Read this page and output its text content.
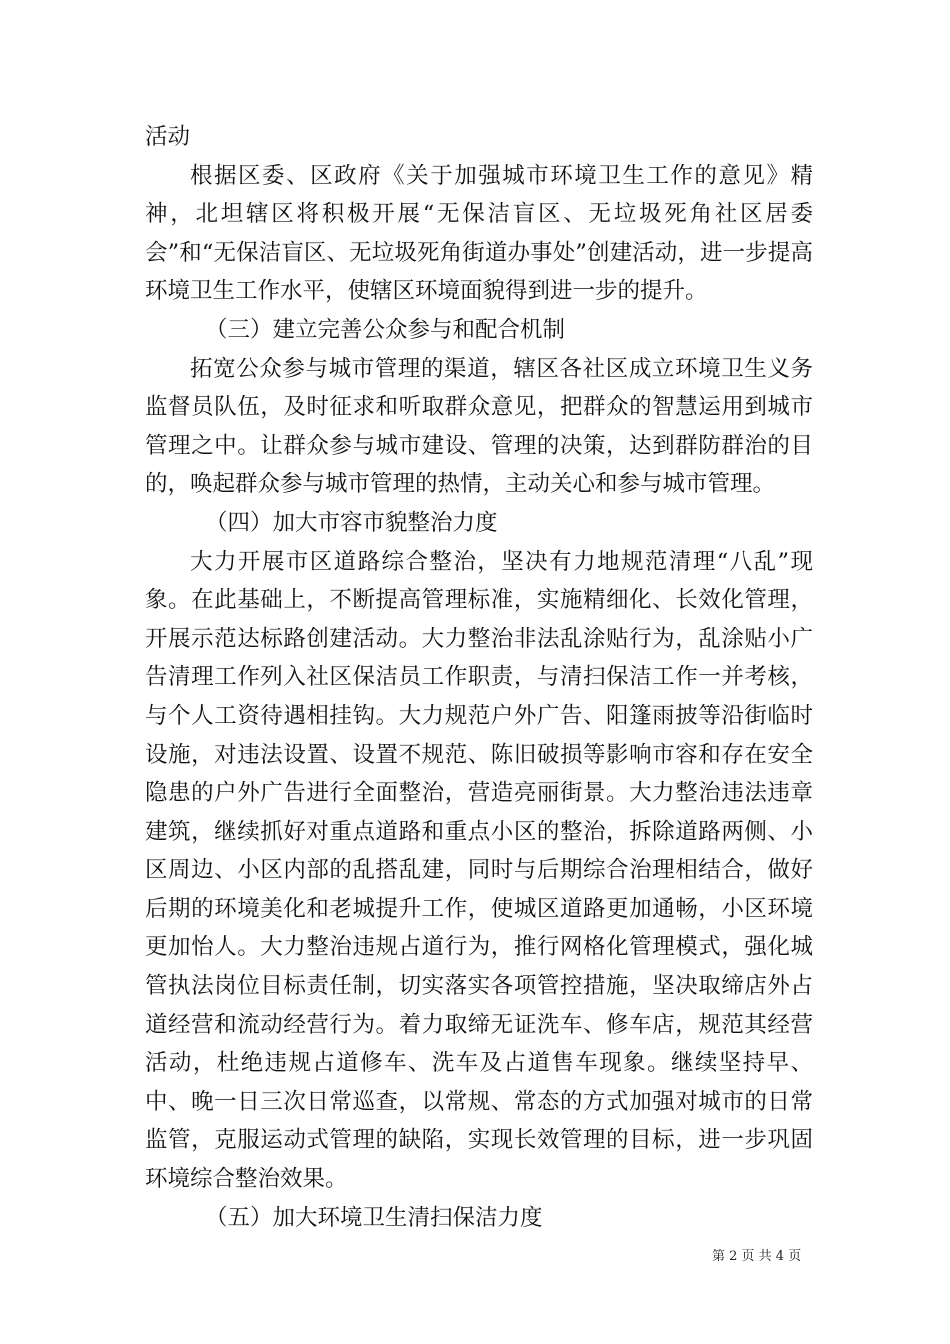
活动

根据区委、区政府《关于加强城市环境卫生工作的意见》精神，北坦辖区将积极开展“无保洁盲区、无垃圾死角社区居委会”和“无保洁盲区、无垃圾死角街道办事处”创建活动，进一步提高环境卫生工作水平，使辖区环境面貌得到进一步的提升。

（三）建立完善公众参与和配合机制

拓宽公众参与城市管理的渠道，辖区各社区成立环境卫生义务监督员队伍，及时征求和听取群众意见，把群众的智慧运用到城市管理之中。让群众参与城市建设、管理的决策，达到群防群治的目的，唤起群众参与城市管理的热情，主动关心和参与城市管理。

（四）加大市容市貌整治力度

大力开展市区道路综合整治，坚决有力地规范清理“八乱”现象。在此基础上，不断提高管理标准，实施精细化、长效化管理，开展示范达标路创建活动。大力整治非法乱涂贴行为，乱涂贴小广告清理工作列入社区保洁员工作职责，与清扫保洁工作一并考核，与个人工资待遇相挂钩。大力规范户外广告、阳篷雨披等沿街临时设施，对违法设置、设置不规范、陈旧破损等影响市容和存在安全隐患的户外广告进行全面整治，营造亮丽街景。大力整治违法违章建筑，继续抓好对重点道路和重点小区的整治，拆除道路两侧、小区周边、小区内部的乱搭乱建，同时与后期综合治理相结合，做好后期的环境美化和老城提升工作，使城区道路更加通畅，小区环境更加怡人。大力整治违规占道行为，推行网格化管理模式，强化城管执法岗位目标责任制，切实落实各项管控措施，坚决取缔店外占道经营和流动经营行为。着力取缔无证洗车、修车店，规范其经营活动，杜绝违规占道修车、洗车及占道售车现象。继续坚持早、中、晚一日三次日常巡查，以常规、常态的方式加强对城市的日常监管，克服运动式管理的缺陷，实现长效管理的目标，进一步巩固环境综合整治效果。

（五）加大环境卫生清扫保洁力度

第 2 页 共 4 页
